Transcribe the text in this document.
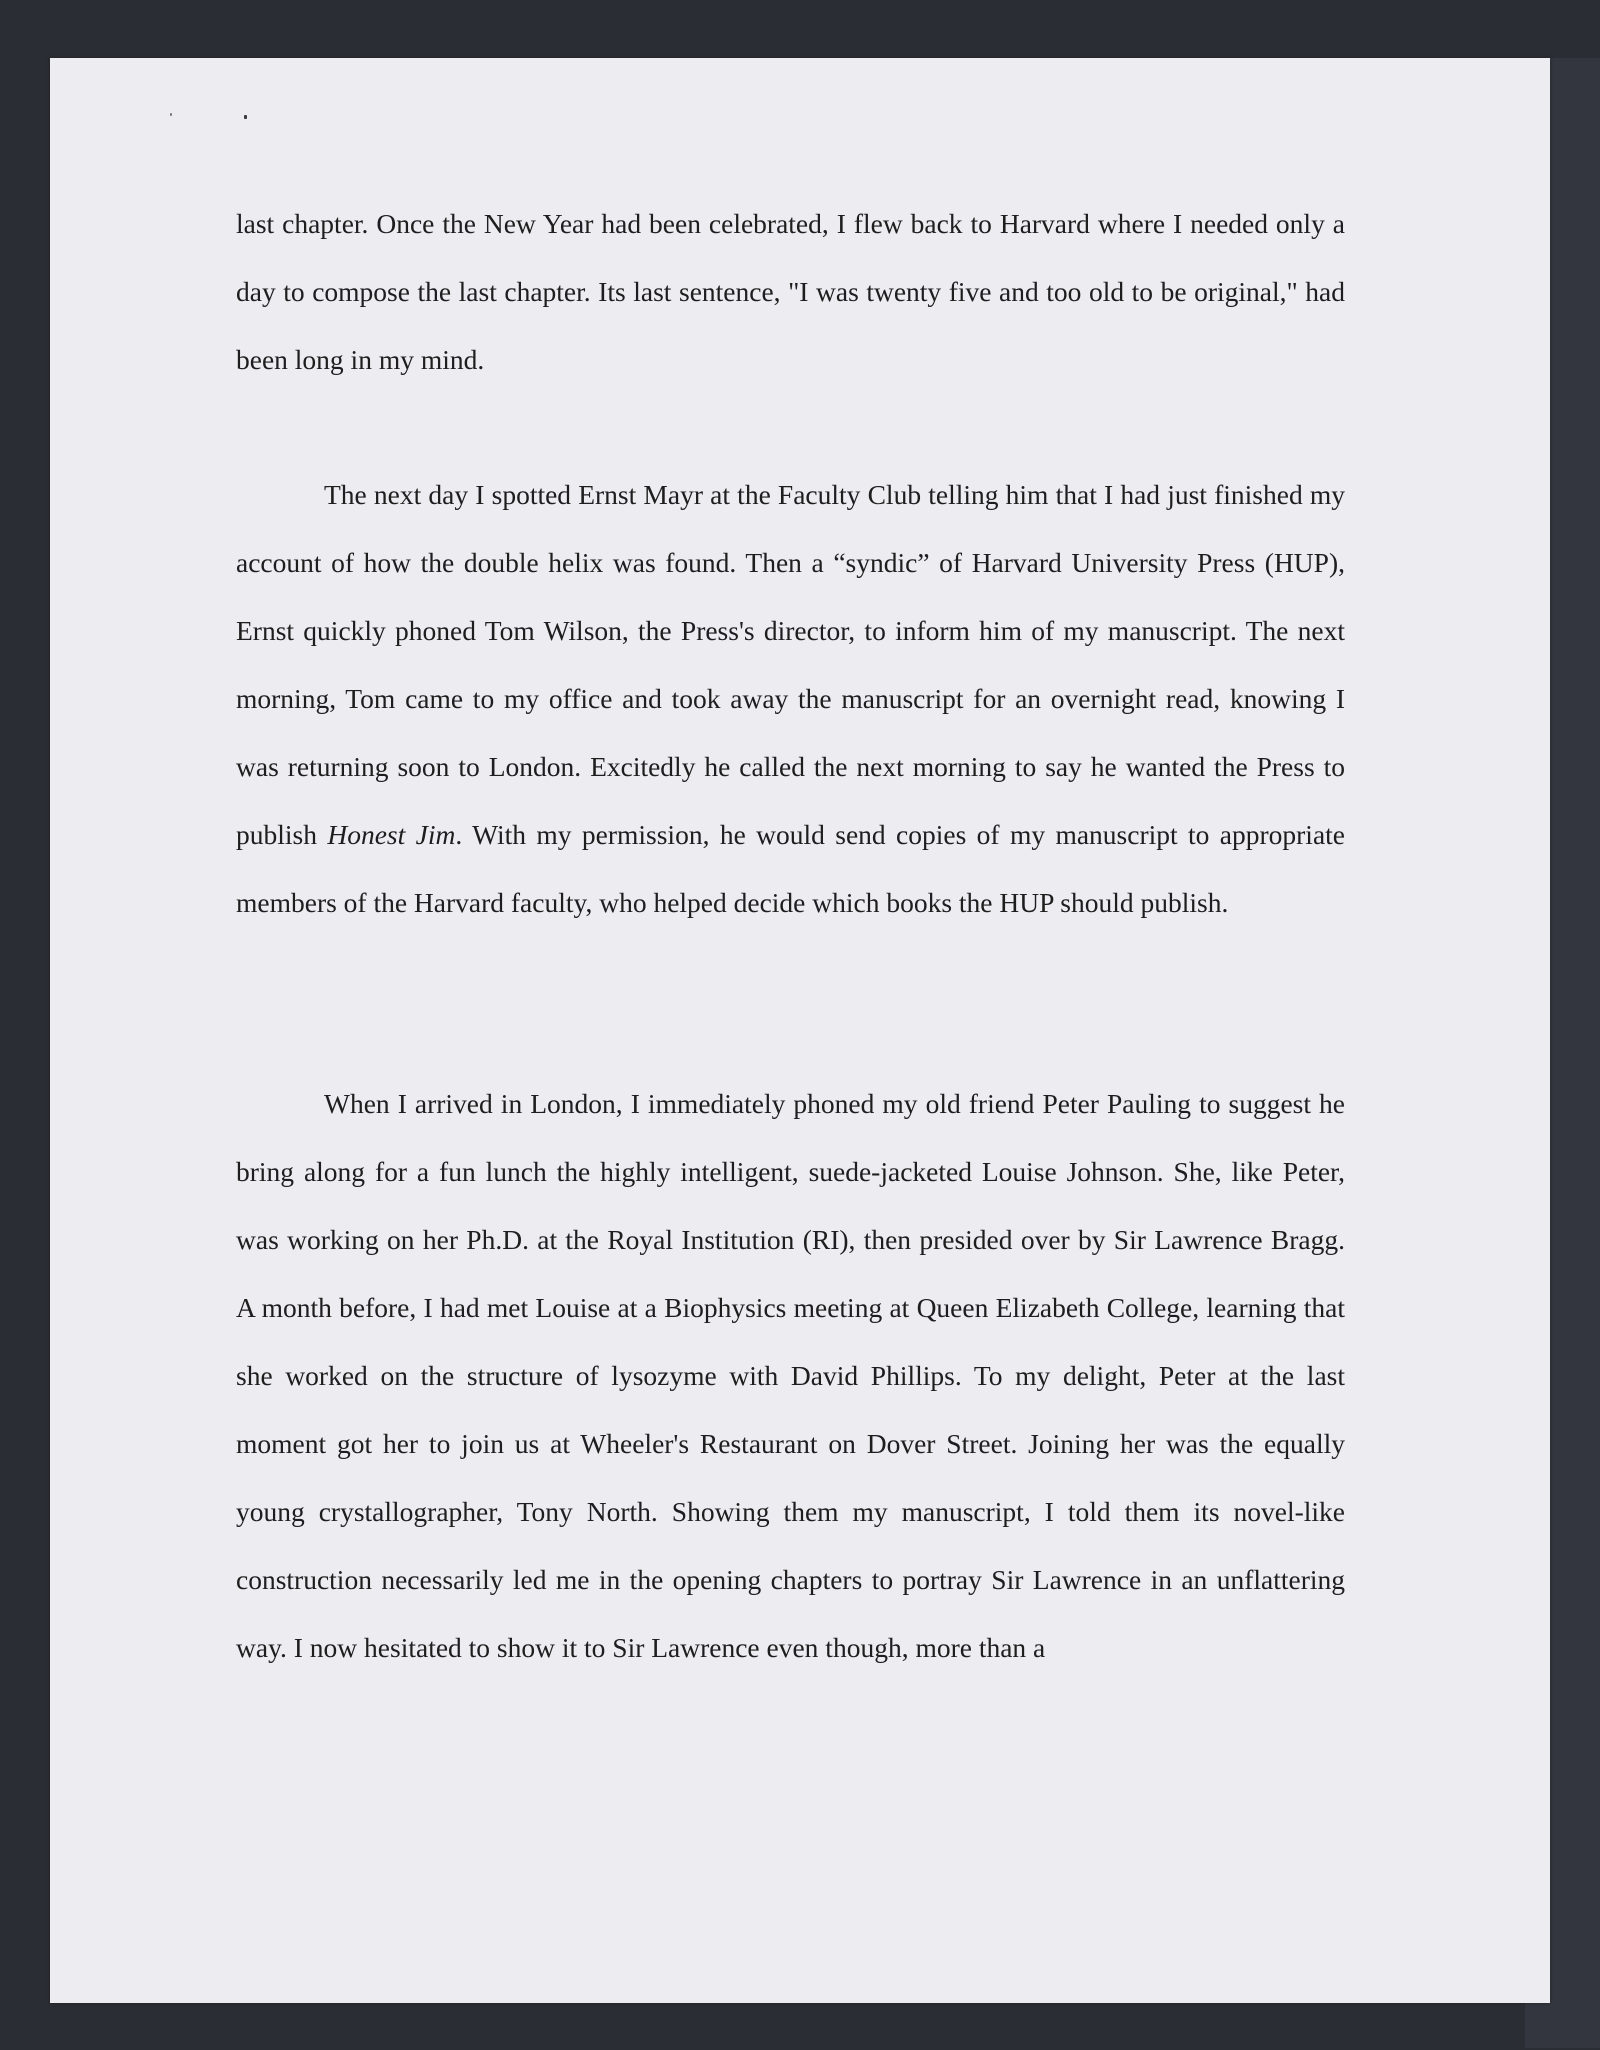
last chapter. Once the New Year had been celebrated, I flew back to Harvard where I needed only a day to compose the last chapter. Its last sentence, "I was twenty five and too old to be original," had been long in my mind.

The next day I spotted Ernst Mayr at the Faculty Club telling him that I had just finished my account of how the double helix was found. Then a “syndic” of Harvard University Press (HUP), Ernst quickly phoned Tom Wilson, the Press's director, to inform him of my manuscript. The next morning, Tom came to my office and took away the manuscript for an overnight read, knowing I was returning soon to London. Excitedly he called the next morning to say he wanted the Press to publish Honest Jim. With my permission, he would send copies of my manuscript to appropriate members of the Harvard faculty, who helped decide which books the HUP should publish.

When I arrived in London, I immediately phoned my old friend Peter Pauling to suggest he bring along for a fun lunch the highly intelligent, suede-jacketed Louise Johnson. She, like Peter, was working on her Ph.D. at the Royal Institution (RI), then presided over by Sir Lawrence Bragg. A month before, I had met Louise at a Biophysics meeting at Queen Elizabeth College, learning that she worked on the structure of lysozyme with David Phillips. To my delight, Peter at the last moment got her to join us at Wheeler's Restaurant on Dover Street. Joining her was the equally young crystallographer, Tony North. Showing them my manuscript, I told them its novel-like construction necessarily led me in the opening chapters to portray Sir Lawrence in an unflattering way. I now hesitated to show it to Sir Lawrence even though, more than a
